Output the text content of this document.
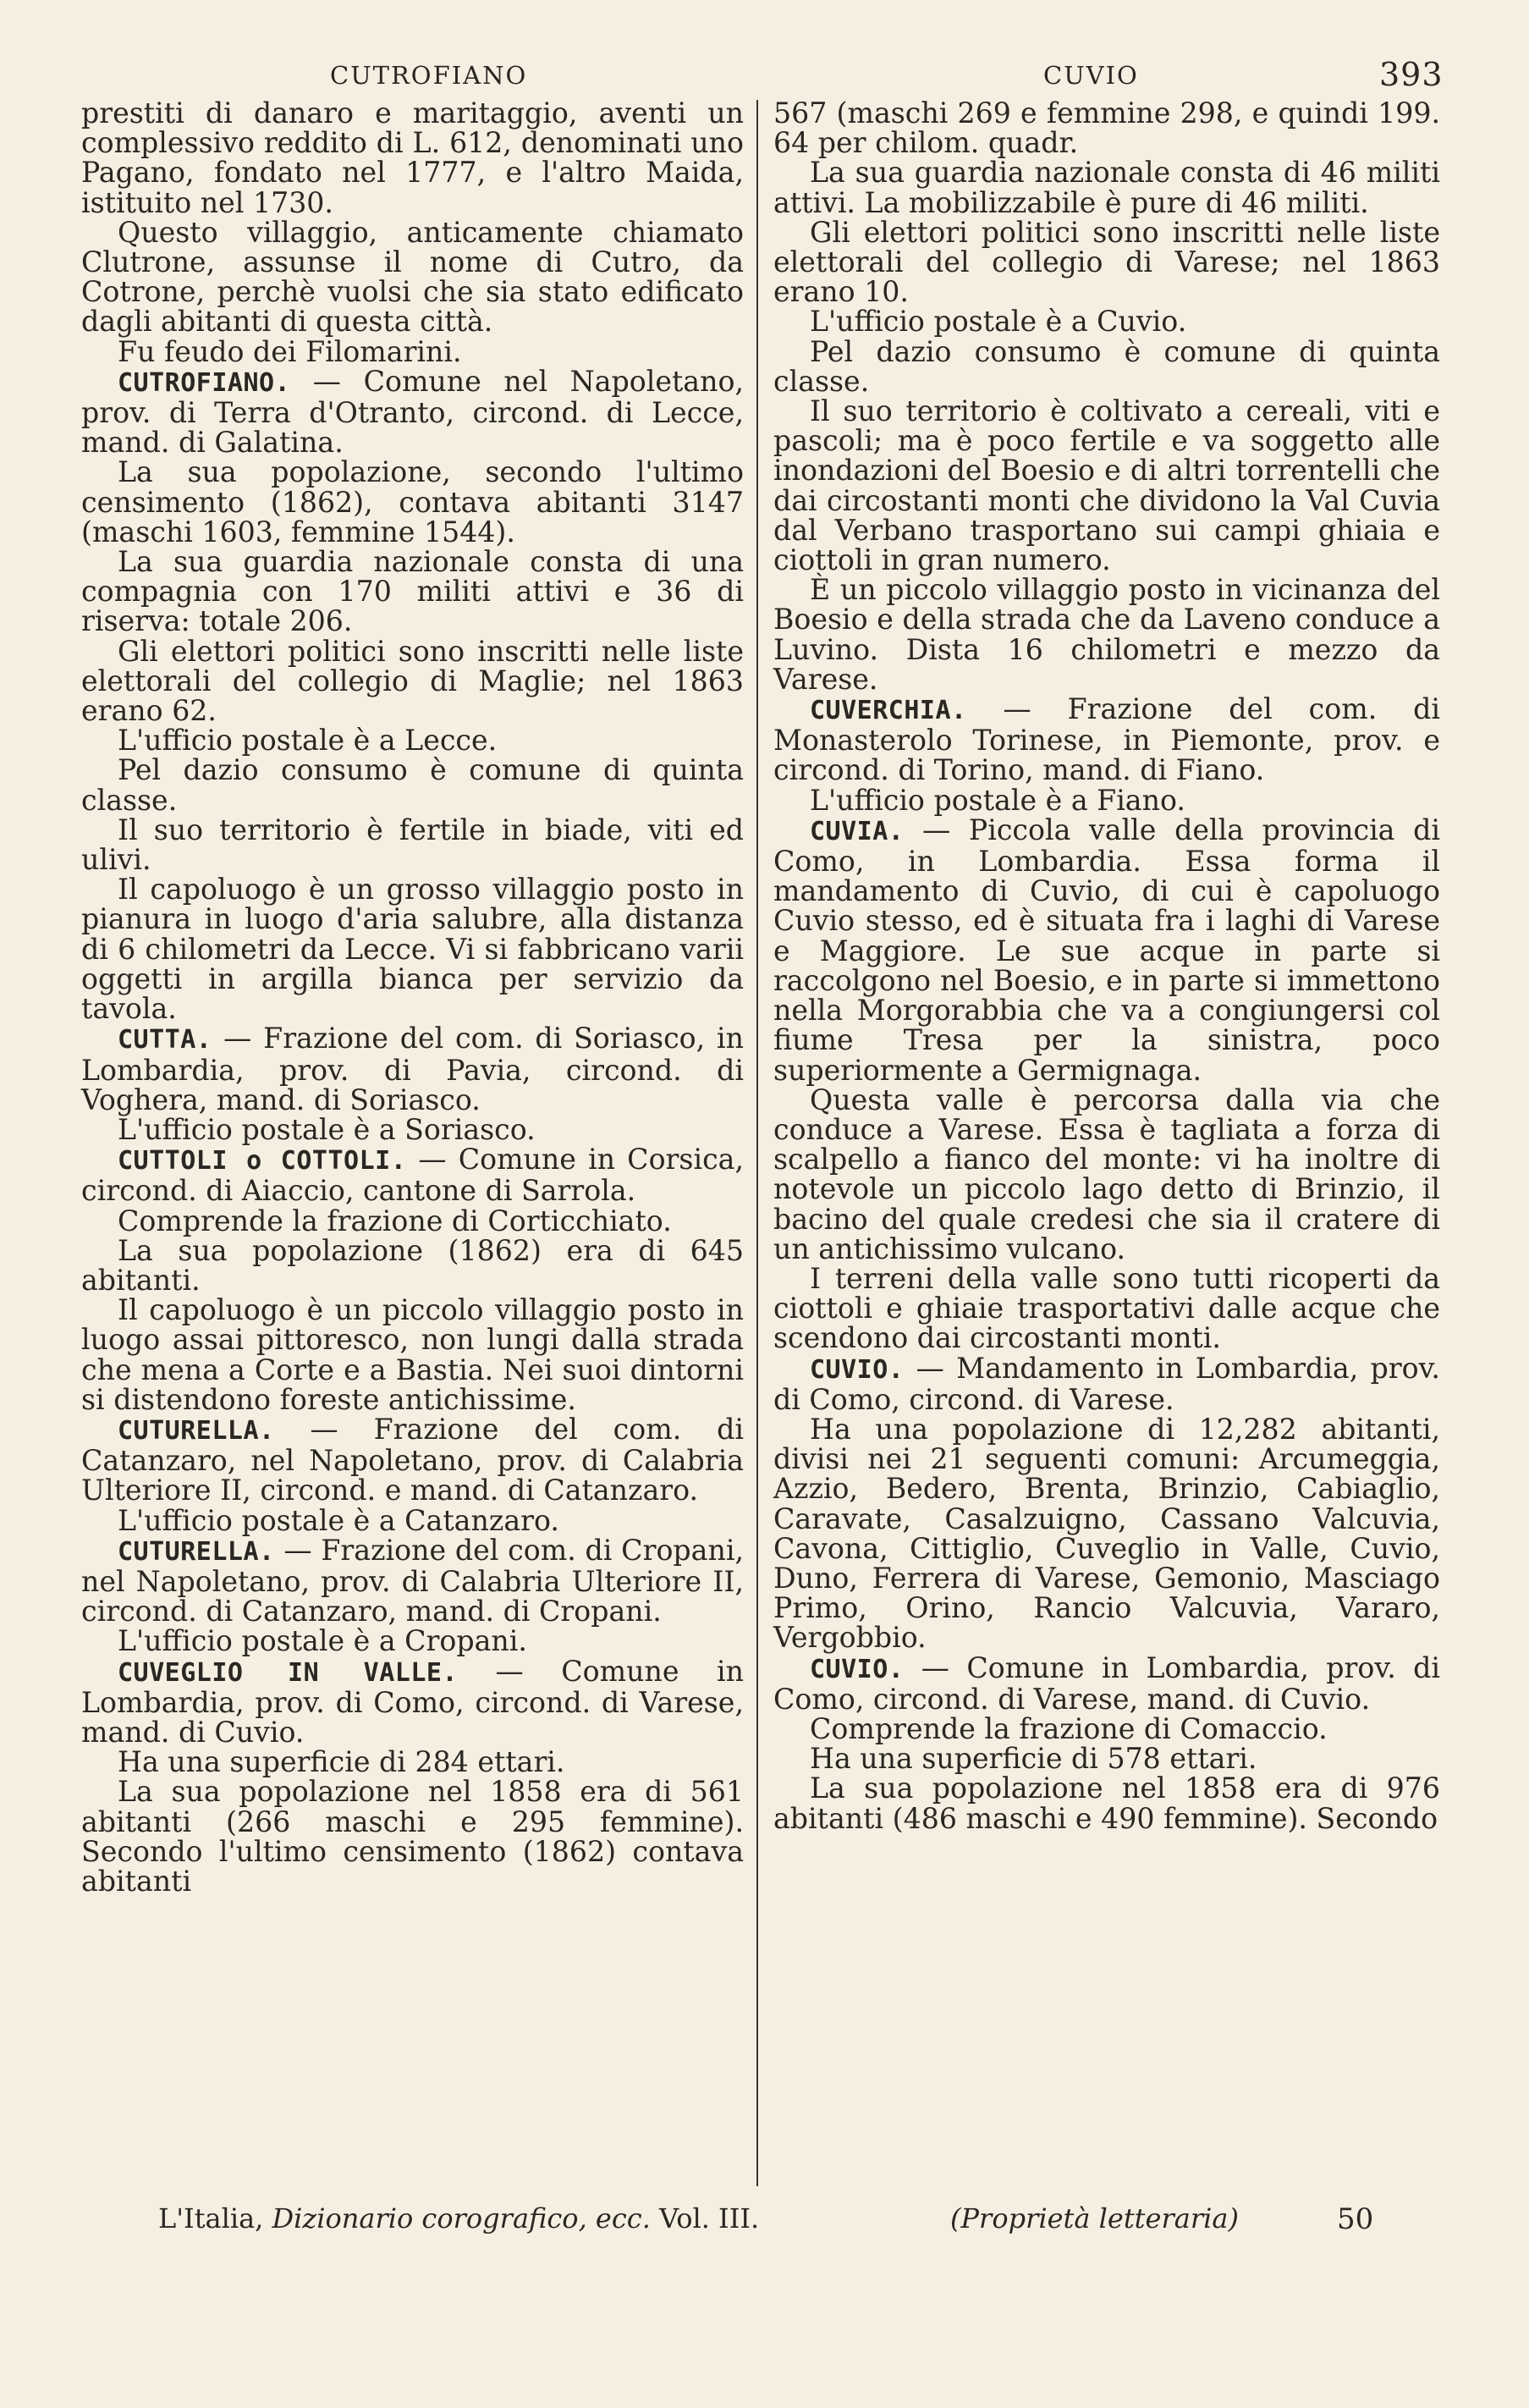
CUTROFIANO	CUVIO	393

prestiti di danaro e maritaggio, aventi un complessivo reddito di L. 612, denominati uno Pagano, fondato nel 1777, e l'altro Maida, istituito nel 1730.

Questo villaggio, anticamente chiamato Clutrone, assunse il nome di Cutro, da Cotrone, perchè vuolsi che sia stato edificato dagli abitanti di questa città.

Fu feudo dei Filomarini.

CUTROFIANO. — Comune nel Napoletano, prov. di Terra d'Otranto, circond. di Lecce, mand. di Galatina.

La sua popolazione, secondo l'ultimo censimento (1862), contava abitanti 3147 (maschi 1603, femmine 1544).

La sua guardia nazionale consta di una compagnia con 170 militi attivi e 36 di riserva: totale 206.

Gli elettori politici sono inscritti nelle liste elettorali del collegio di Maglie; nel 1863 erano 62.

L'ufficio postale è a Lecce.

Pel dazio consumo è comune di quinta classe.

Il suo territorio è fertile in biade, viti ed ulivi.

Il capoluogo è un grosso villaggio posto in pianura in luogo d'aria salubre, alla distanza di 6 chilometri da Lecce. Vi si fabbricano varii oggetti in argilla bianca per servizio da tavola.

CUTTA. — Frazione del com. di Soriasco, in Lombardia, prov. di Pavia, circond. di Voghera, mand. di Soriasco.

L'ufficio postale è a Soriasco.

CUTTOLI o COTTOLI. — Comune in Corsica, circond. di Aiaccio, cantone di Sarrola.

Comprende la frazione di Corticchiato.

La sua popolazione (1862) era di 645 abitanti.

Il capoluogo è un piccolo villaggio posto in luogo assai pittoresco, non lungi dalla strada che mena a Corte e a Bastia. Nei suoi dintorni si distendono foreste antichissime.

CUTURELLA. — Frazione del com. di Catanzaro, nel Napoletano, prov. di Calabria Ulteriore II, circond. e mand. di Catanzaro.

L'ufficio postale è a Catanzaro.

CUTURELLA. — Frazione del com. di Cropani, nel Napoletano, prov. di Calabria Ulteriore II, circond. di Catanzaro, mand. di Cropani.

L'ufficio postale è a Cropani.

CUVEGLIO IN VALLE. — Comune in Lombardia, prov. di Como, circond. di Varese, mand. di Cuvio.

Ha una superficie di 284 ettari.

La sua popolazione nel 1858 era di 561 abitanti (266 maschi e 295 femmine). Secondo l'ultimo censimento (1862) contava abitanti

567 (maschi 269 e femmine 298, e quindi 199. 64 per chilom. quadr.

La sua guardia nazionale consta di 46 militi attivi. La mobilizzabile è pure di 46 militi.

Gli elettori politici sono inscritti nelle liste elettorali del collegio di Varese; nel 1863 erano 10.

L'ufficio postale è a Cuvio.

Pel dazio consumo è comune di quinta classe.

Il suo territorio è coltivato a cereali, viti e pascoli; ma è poco fertile e va soggetto alle inondazioni del Boesio e di altri torrentelli che dai circostanti monti che dividono la Val Cuvia dal Verbano trasportano sui campi ghiaia e ciottoli in gran numero.

È un piccolo villaggio posto in vicinanza del Boesio e della strada che da Laveno conduce a Luvino. Dista 16 chilometri e mezzo da Varese.

CUVERCHIA. — Frazione del com. di Monasterolo Torinese, in Piemonte, prov. e circond. di Torino, mand. di Fiano.

L'ufficio postale è a Fiano.

CUVIA. — Piccola valle della provincia di Como, in Lombardia. Essa forma il mandamento di Cuvio, di cui è capoluogo Cuvio stesso, ed è situata fra i laghi di Varese e Maggiore. Le sue acque in parte si raccolgono nel Boesio, e in parte si immettono nella Morgorabbia che va a congiungersi col fiume Tresa per la sinistra, poco superiormente a Germignaga.

Questa valle è percorsa dalla via che conduce a Varese. Essa è tagliata a forza di scalpello a fianco del monte: vi ha inoltre di notevole un piccolo lago detto di Brinzio, il bacino del quale credesi che sia il cratere di un antichissimo vulcano.

I terreni della valle sono tutti ricoperti da ciottoli e ghiaie trasportativi dalle acque che scendono dai circostanti monti.

CUVIO. — Mandamento in Lombardia, prov. di Como, circond. di Varese.

Ha una popolazione di 12,282 abitanti, divisi nei 21 seguenti comuni: Arcumeggia, Azzio, Bedero, Brenta, Brinzio, Cabiaglio, Caravate, Casalzuigno, Cassano Valcuvia, Cavona, Cittiglio, Cuveglio in Valle, Cuvio, Duno, Ferrera di Varese, Gemonio, Masciago Primo, Orino, Rancio Valcuvia, Vararo, Vergobbio.

CUVIO. — Comune in Lombardia, prov. di Como, circond. di Varese, mand. di Cuvio.

Comprende la frazione di Comaccio.

Ha una superficie di 578 ettari.

La sua popolazione nel 1858 era di 976 abitanti (486 maschi e 490 femmine). Secondo

L'Italia, Dizionario corografico, ecc. Vol. III.	(Proprietà letteraria)	50
